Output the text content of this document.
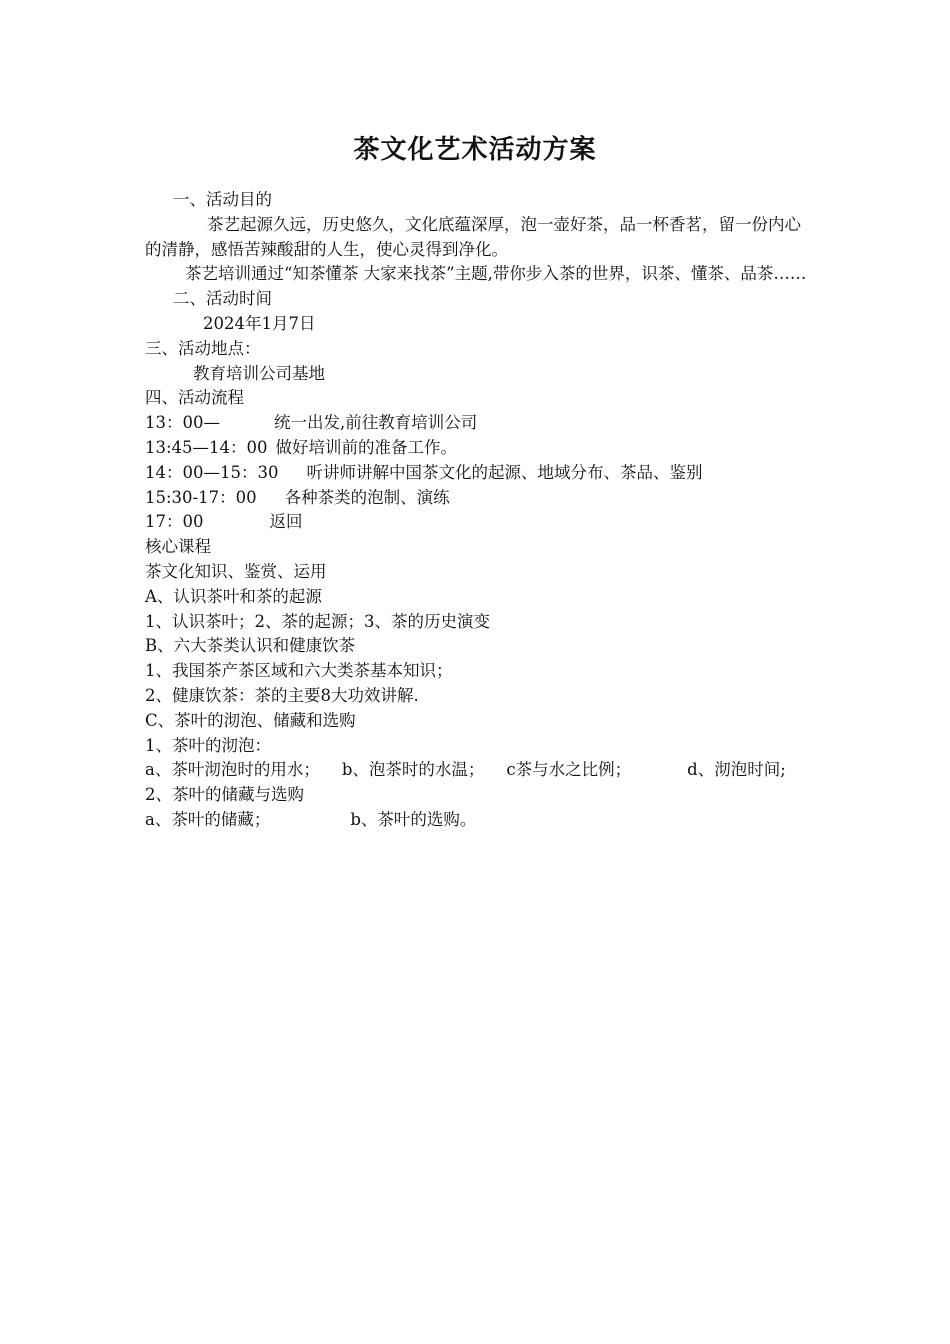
茶文化艺术活动方案
一、活动目的
茶艺起源久远，历史悠久，文化底蕴深厚，泡一壶好茶，品一杯香茗，留一份内心的清静，感悟苦辣酸甜的人生，使心灵得到净化。
茶艺培训通过“知茶懂茶 大家来找茶”主题,带你步入茶的世界，识茶、懂茶、品茶……
二、活动时间
2024年1月7日
三、活动地点：
教育培训公司基地
四、活动流程
13：00—	统一出发,前往教育培训公司
13:45—14：00 做好培训前的准备工作。
14：00—15：30 听讲师讲解中国茶文化的起源、地域分布、茶品、鉴别
15:30-17：00 各种茶类的泡制、演练
17：00	返回
核心课程
茶文化知识、鉴赏、运用
A、认识茶叶和茶的起源
1、认识茶叶；2、茶的起源；3、茶的历史演变
B、六大茶类认识和健康饮茶
1、我国茶产茶区域和六大类茶基本知识；
2、健康饮茶：茶的主要8大功效讲解.
C、茶叶的沏泡、储藏和选购
1、茶叶的沏泡：
a、茶叶沏泡时的用水； b、泡茶时的水温； c茶与水之比例；	d、沏泡时间;
2、茶叶的储藏与选购
a、茶叶的储藏；	b、茶叶的选购。
